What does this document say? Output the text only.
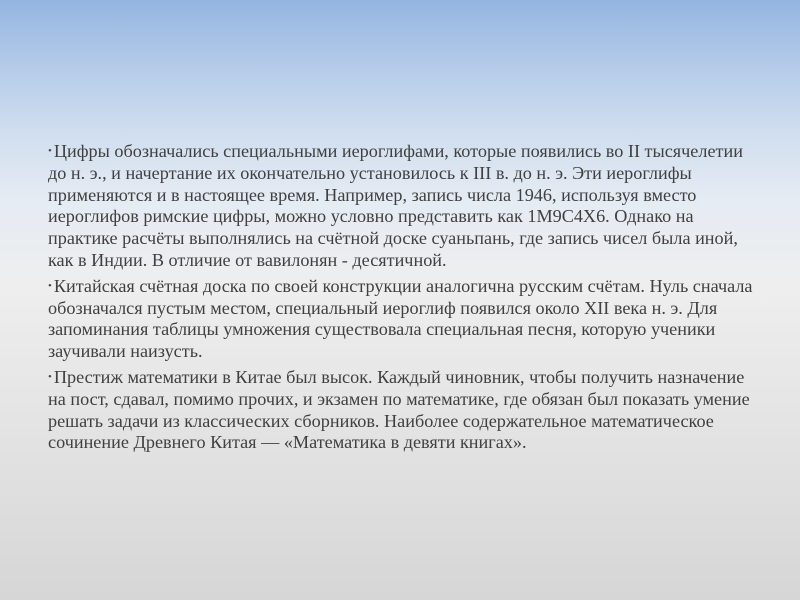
• Цифры обозначались специальными иероглифами, которые появились во II тысячелетии до н. э., и начертание их окончательно установилось к III в. до н. э. Эти иероглифы применяются и в настоящее время. Например, запись числа 1946, используя вместо иероглифов римские цифры, можно условно представить как 1M9C4X6. Однако на практике расчёты выполнялись на счётной доске суаньпань, где запись чисел была иной, как в Индии. В отличие от вавилонян - десятичной.
• Китайская счётная доска по своей конструкции аналогична русским счётам. Нуль сначала обозначался пустым местом, специальный иероглиф появился около XII века н. э. Для запоминания таблицы умножения существовала специальная песня, которую ученики заучивали наизусть.
• Престиж математики в Китае был высок. Каждый чиновник, чтобы получить назначение на пост, сдавал, помимо прочих, и экзамен по математике, где обязан был показать умение решать задачи из классических сборников. Наиболее содержательное математическое сочинение Древнего Китая — «Математика в девяти книгах».
